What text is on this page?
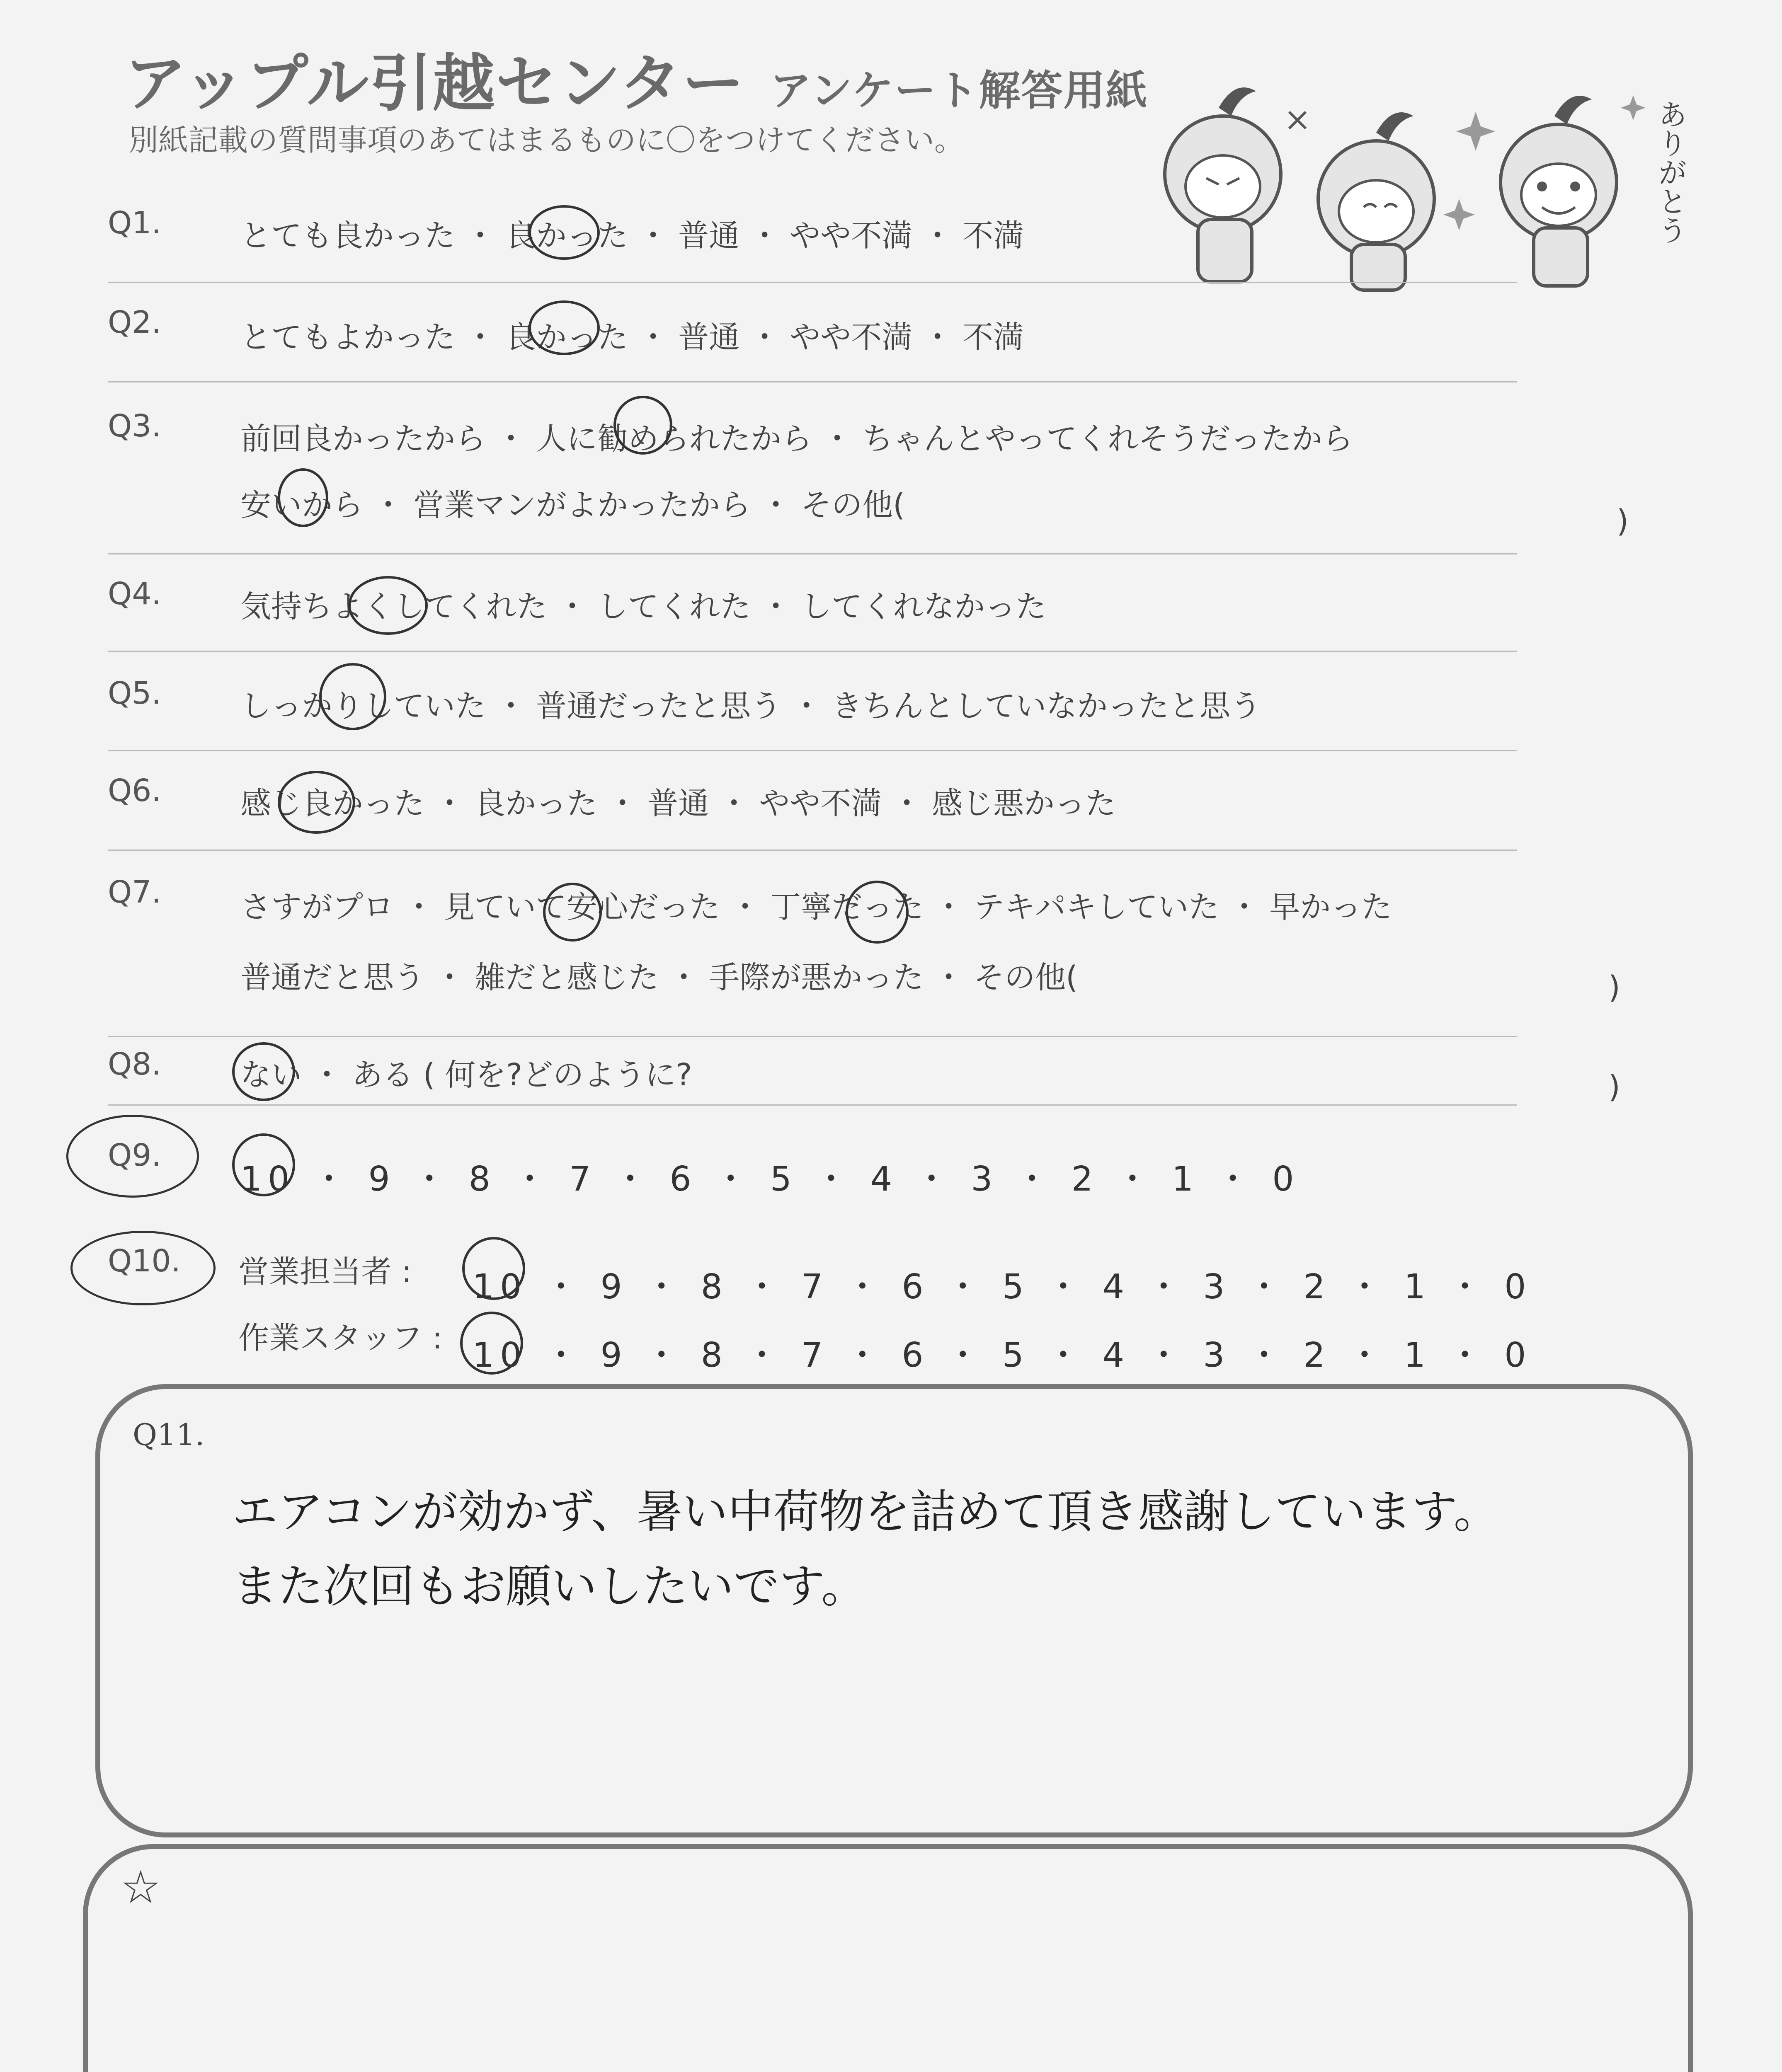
アップル引越センター アンケート解答用紙
別紙記載の質問事項のあてはまるものに〇をつけてください。	ありがとう
Q1.	とても良かった ・ 良かった ・ 普通 ・ やや不満 ・ 不満
Q2.	とてもよかった ・ 良かった ・ 普通 ・ やや不満 ・ 不満
Q3.	前回良かったから ・ 人に勧められたから ・ ちゃんとやってくれそうだったから
安いから ・ 営業マンがよかったから ・ その他(	)
Q4.	気持ちよくしてくれた ・ してくれた ・ してくれなかった
Q5.	しっかりしていた ・ 普通だったと思う ・ きちんとしていなかったと思う
Q6.	感じ良かった ・ 良かった ・ 普通 ・ やや不満 ・ 感じ悪かった
Q7.	さすがプロ ・ 見ていて安心だった ・ 丁寧だった ・ テキパキしていた ・ 早かった
普通だと思う ・ 雑だと感じた ・ 手際が悪かった ・ その他(	)
Q8.	ない ・ ある ( 何を?どのように?	)
Q9.
10 ・ 9 ・ 8 ・ 7 ・ 6 ・ 5 ・ 4 ・ 3 ・ 2 ・ 1 ・ 0
Q10. 営業担当者 : 10 ・ 9 ・ 8 ・ 7 ・ 6 ・ 5 ・ 4 ・ 3 ・ 2 ・ 1 ・ 0
作業スタッフ : 10 ・ 9 ・ 8 ・ 7 ・ 6 ・ 5 ・ 4 ・ 3 ・ 2 ・ 1 ・ 0
Q11.
エアコンが効かず、暑い中荷物を詰めて頂き感謝しています。
また次回もお願いしたいです。
☆
